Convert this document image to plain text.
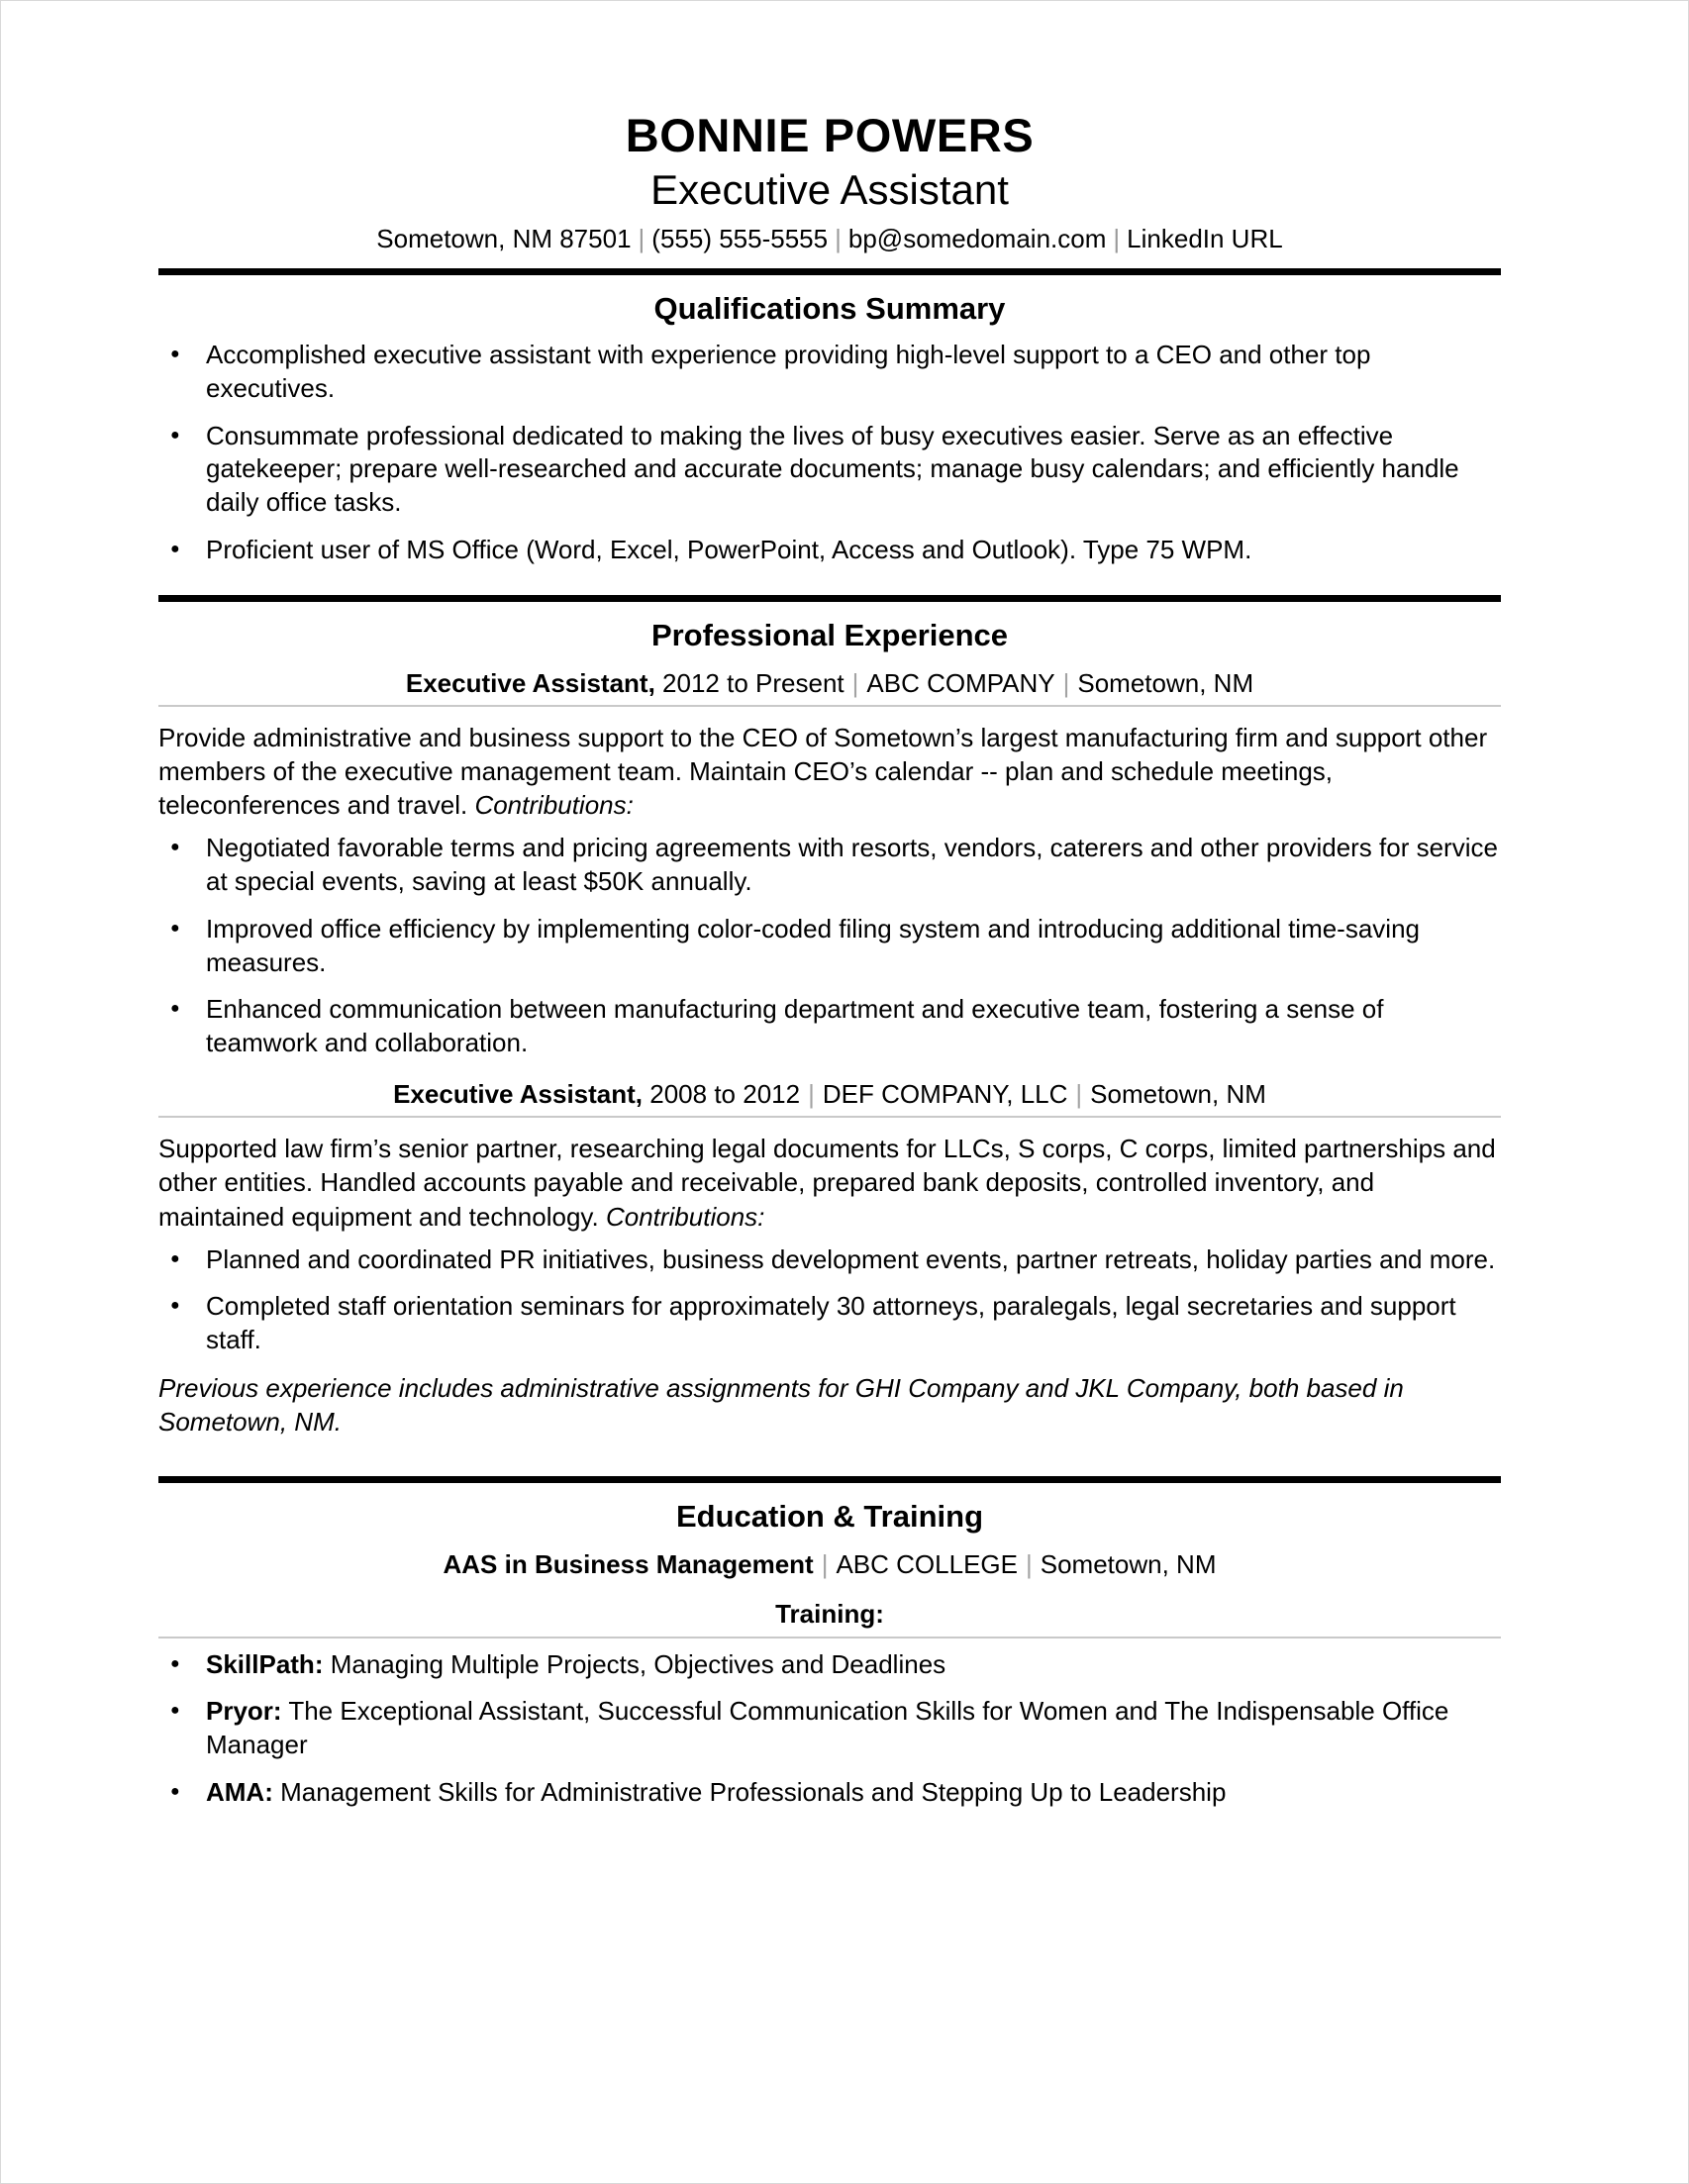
BONNIE POWERS
Executive Assistant
Sometown, NM 87501 | (555) 555-5555 | bp@somedomain.com | LinkedIn URL
Qualifications Summary
● Accomplished executive assistant with experience providing high-level support to a CEO and other top executives.
● Consummate professional dedicated to making the lives of busy executives easier. Serve as an effective gatekeeper; prepare well-researched and accurate documents; manage busy calendars; and efficiently handle daily office tasks.
● Proficient user of MS Office (Word, Excel, PowerPoint, Access and Outlook). Type 75 WPM.
Professional Experience
Executive Assistant, 2012 to Present | ABC COMPANY | Sometown, NM

Provide administrative and business support to the CEO of Sometown’s largest manufacturing firm and support other members of the executive management team. Maintain CEO’s calendar -- plan and schedule meetings, teleconferences and travel. Contributions:

● Negotiated favorable terms and pricing agreements with resorts, vendors, caterers and other providers for service at special events, saving at least $50K annually.
● Improved office efficiency by implementing color-coded filing system and introducing additional time-saving measures.
● Enhanced communication between manufacturing department and executive team, fostering a sense of teamwork and collaboration.
Executive Assistant, 2008 to 2012 | DEF COMPANY, LLC | Sometown, NM

Supported law firm’s senior partner, researching legal documents for LLCs, S corps, C corps, limited partnerships and other entities. Handled accounts payable and receivable, prepared bank deposits, controlled inventory, and maintained equipment and technology. Contributions:

● Planned and coordinated PR initiatives, business development events, partner retreats, holiday parties and more.
● Completed staff orientation seminars for approximately 30 attorneys, paralegals, legal secretaries and support staff.

Previous experience includes administrative assignments for GHI Company and JKL Company, both based in Sometown, NM.

Education & Training
AAS in Business Management | ABC COLLEGE | Sometown, NM
Training:
● SkillPath: Managing Multiple Projects, Objectives and Deadlines
● Pryor: The Exceptional Assistant, Successful Communication Skills for Women and The Indispensable Office Manager
● AMA: Management Skills for Administrative Professionals and Stepping Up to Leadership
